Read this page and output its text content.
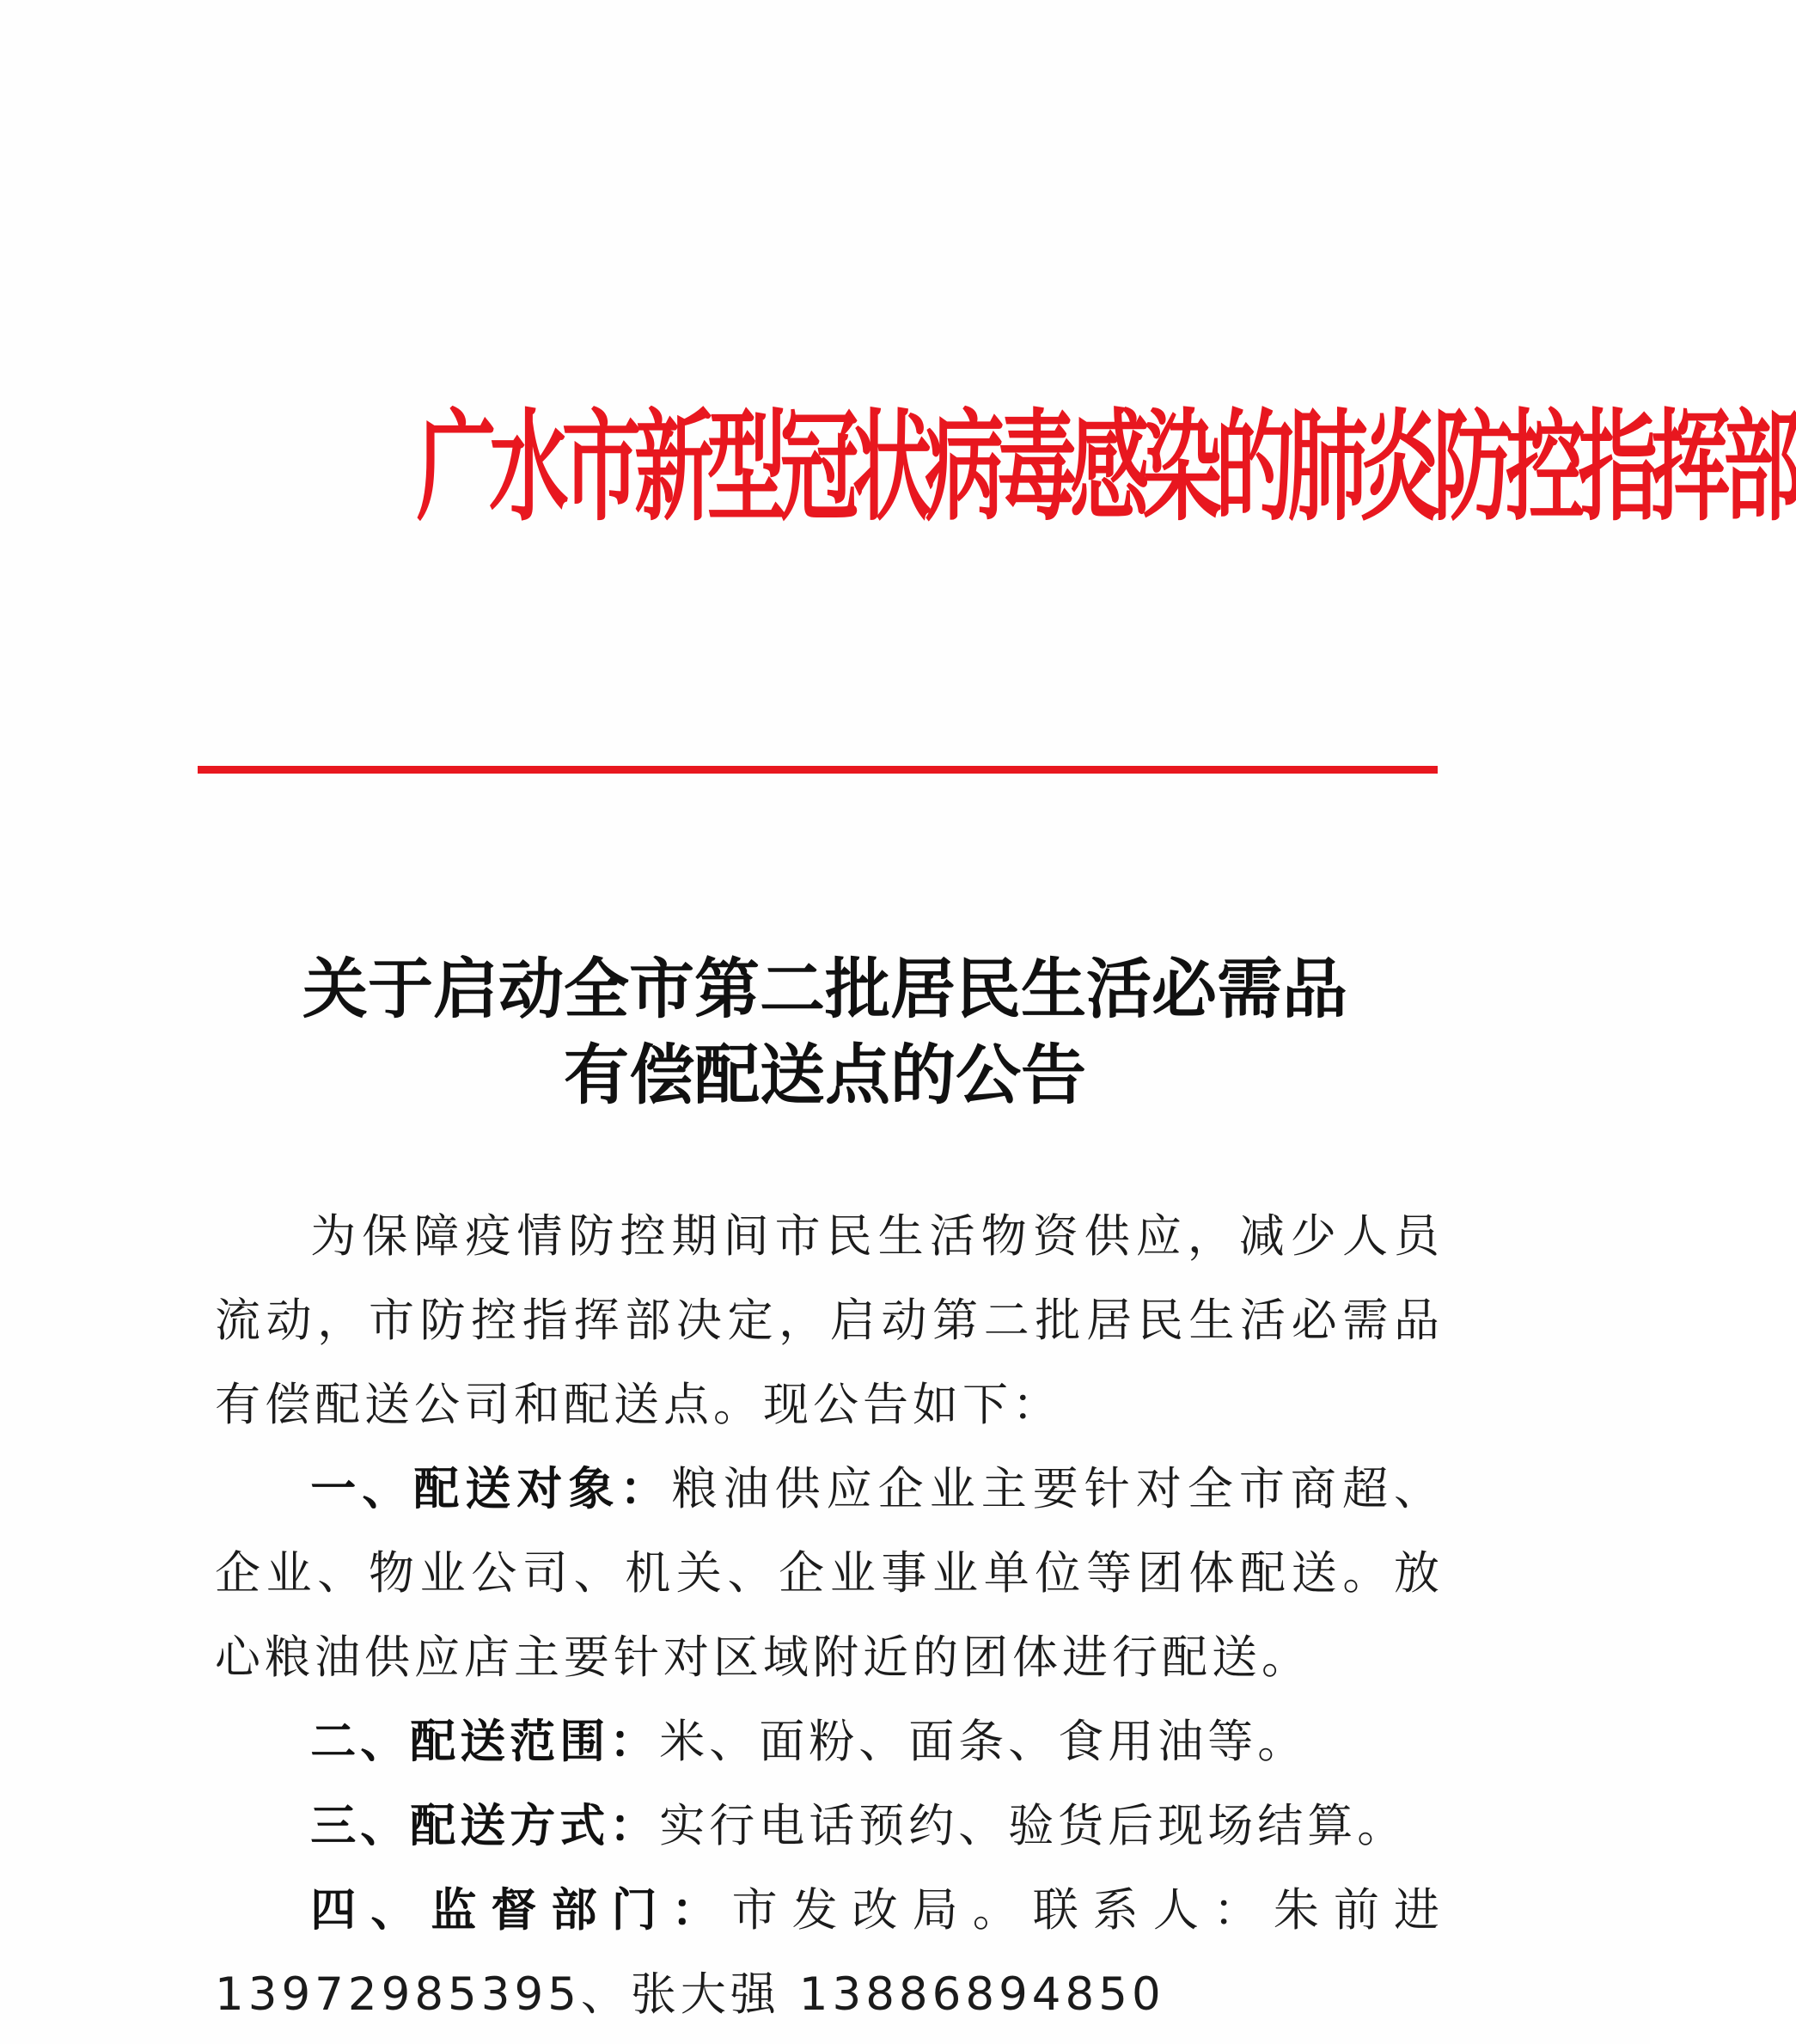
广水市新型冠状病毒感染的肺炎防控指挥部
关于启动全市第二批居民生活必需品
有偿配送点的公告

为保障疫情防控期间市民生活物资供应，减少人员流动，市防控指挥部决定，启动第二批居民生活必需品有偿配送公司和配送点。现公告如下：

一、配送对象：粮油供应企业主要针对全市商超、企业、物业公司、机关、企业事业单位等团体配送。放心粮油供应店主要针对区域附近的团体进行配送。

二、配送范围：米、面粉、面条、食用油等。

三、配送方式：实行电话预约、验货后现场结算。

四、监督部门：市发改局。联系人：朱前进 13972985395、张大强 13886894850
